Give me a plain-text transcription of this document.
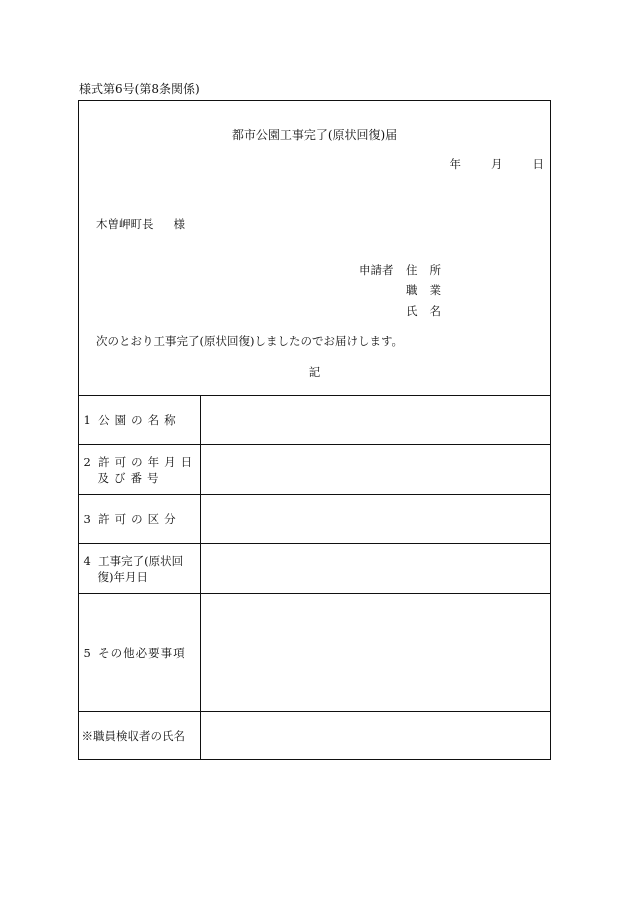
様式第6号(第8条関係)
都市公園工事完了(原状回復)届
年	月	日
木曽岬町長 様
申請者 住 所
職 業
氏 名
次のとおり工事完了(原状回復)しましたのでお届けします。
記
1 公園の名称	

2 許可の年月日
及び番号	

3 許可の区分	

4 工事完了(原状回
復)年月日	

5 その他必要事項	

※職員検収者の氏名	
